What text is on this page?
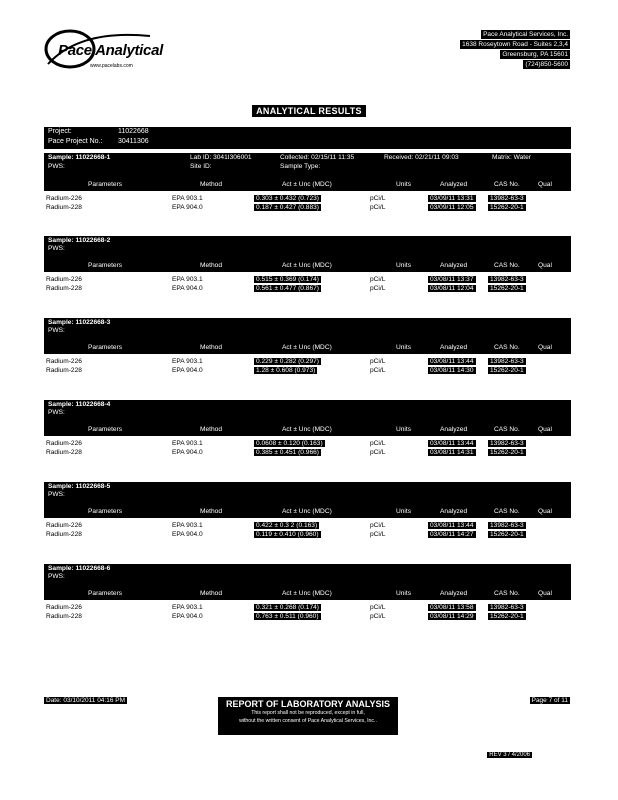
Pace Analytical
www.pacelabs.com
Pace Analytical Services, Inc.
1638 Roseytown Road - Suites 2,3,4
Greensburg, PA 15601
(724)850-5600
ANALYTICAL RESULTS
Project:	11022668
Pace Project No.: 30411306
Sample: 11022668-1
PWS:
Lab ID: 3041I306001
Site ID:
Collected: 02/15/11 11:35
Sample Type:
Received: 02/21/11 09:03	Matrix: Water
Parameters	Method	Act ± Unc (MDC)	Units	Analyzed	CAS No.	Qual
Radium-226	EPA 903.1	0.303 ± 0.432 (0.723)	pCi/L	03/09/11 13:31	13982-63-3
Radium-228	EPA 904.0	0.187 ± 0.427 (0.883)	pCi/L	03/09/11 12:05	15262-20-1
Sample: 11022668-2
PWS:
Parameters	Method	Act ± Unc (MDC)	Units	Analyzed	CAS No.	Qual
Radium-226	EPA 903.1	0.515 ± 0.369 (0.174)	pCi/L	03/08/11 13:37	13982-63-3
Radium-228	EPA 904.0	0.561 ± 0.477 (0.867)	pCi/L	03/08/11 12:04	15262-20-1
Sample: 11022668-3
PWS:
Parameters	Method	Act ± Unc (MDC)	Units	Analyzed	CAS No.	Qual
Radium-226	EPA 903.1	0.229 ± 0.282 (0.297)	pCi/L	03/08/11 13:44	13982-63-3
Radium-228	EPA 904.0	1.28 ± 0.608 (0.973)	pCi/L	03/08/11 14:30	15262-20-1
Sample: 11022668-4
PWS:
Parameters	Method	Act ± Unc (MDC)	Units	Analyzed	CAS No.	Qual
Radium-226	EPA 903.1	0.0608 ± 0.120 (0.163)	pCi/L	03/08/11 13:44	13982-63-3
Radium-228	EPA 904.0	0.385 ± 0.451 (0.966)	pCi/L	03/08/11 14:31	15262-20-1
Sample: 11022668-5
PWS:
Parameters	Method	Act ± Unc (MDC)	Units	Analyzed	CAS No.	Qual
Radium-226	EPA 903.1	0.422 ± 0.3 2 (0.163)	pCi/L	03/08/11 13:44	13982-63-3
Radium-228	EPA 904.0	0.119 ± 0.410 (0.960)	pCi/L	03/08/11 14:27	15262-20-1
Sample: 11022668-6
PWS:
Parameters	Method	Act ± Unc (MDC)	Units	Analyzed	CAS No.	Qual
Radium-226	EPA 903.1	0.321 ± 0.268 (0.174)	pCi/L	03/08/11 13:58	13982-63-3
Radium-228	EPA 904.0	0.763 ± 0.511 (0.960)	pCi/L	03/08/11 14:29	15262-20-1
Date: 03/10/2011 04:16 PM	REPORT OF LABORATORY ANALYSIS
This report shall not be reproduced, except in full,
without the written consent of Pace Analytical Services, Inc..
Page 7 of 11
REV 3 / 4/2006
